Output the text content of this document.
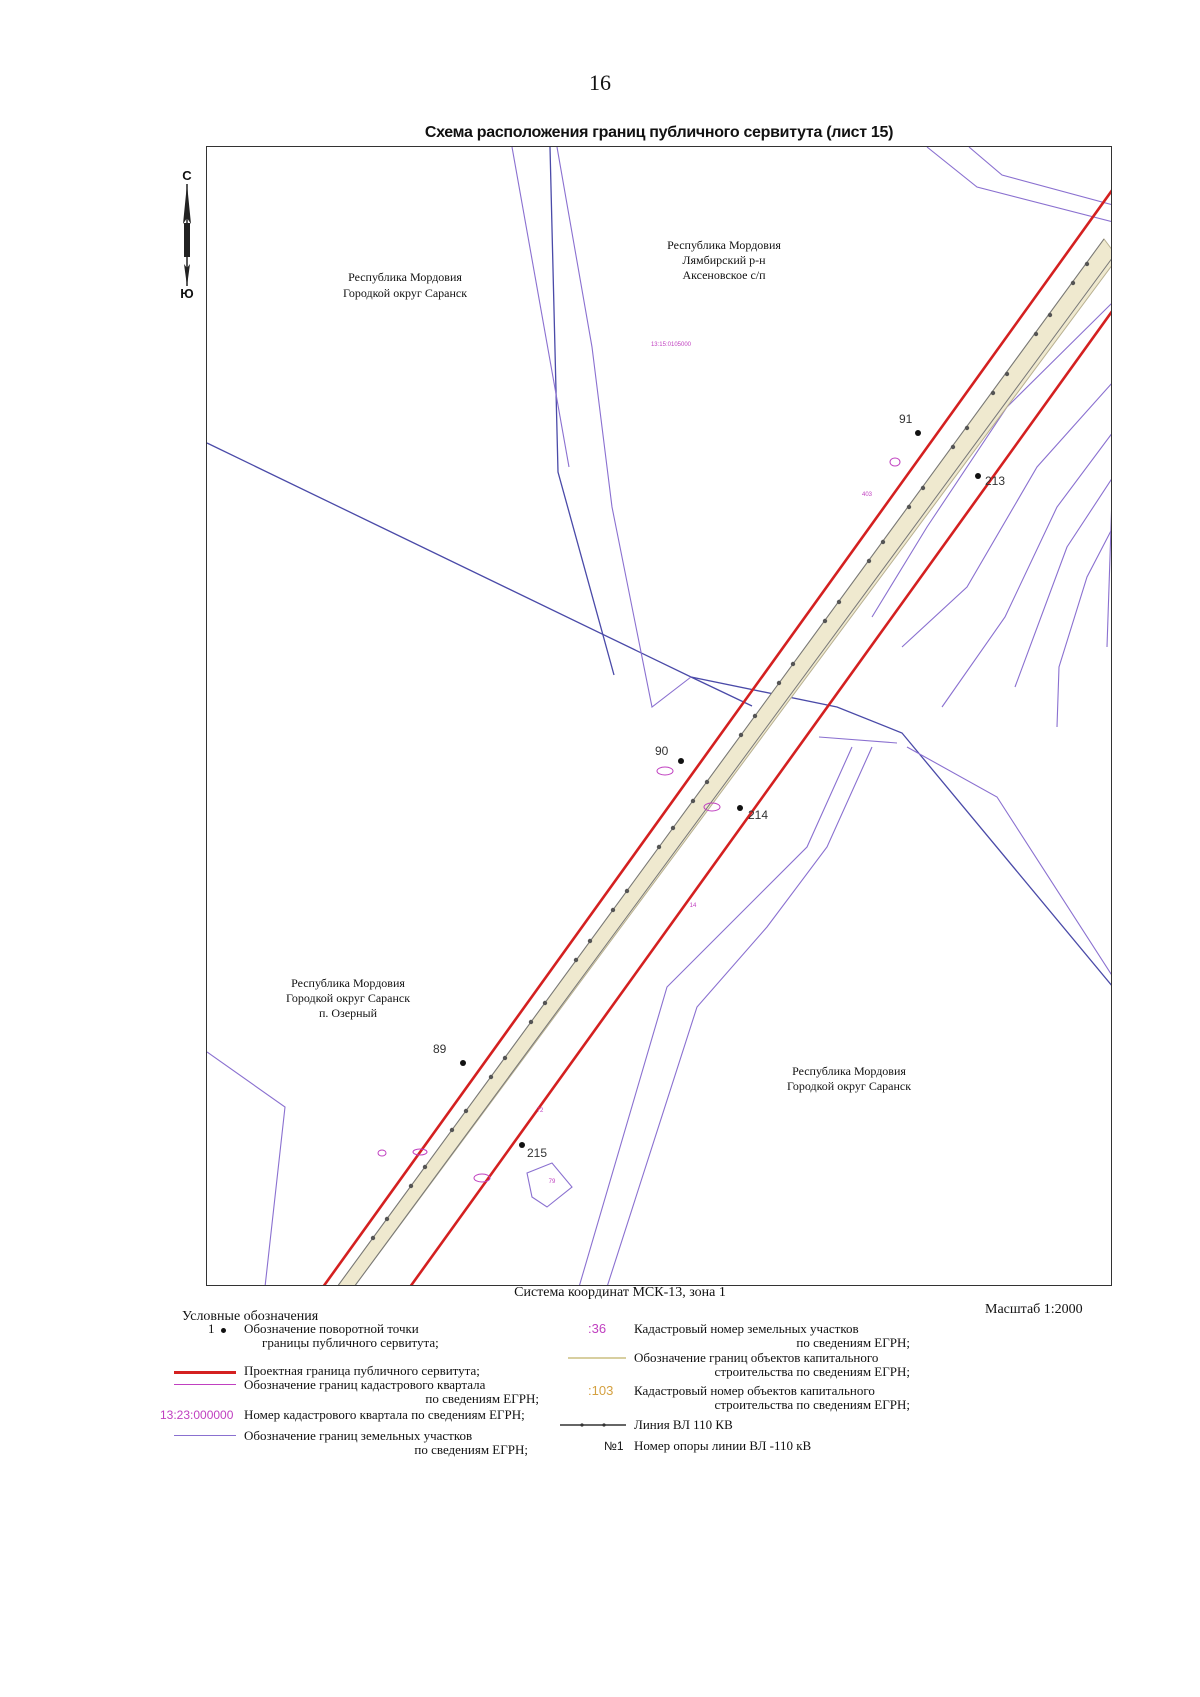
16
Схема расположения границ публичного сервитута (лист 15)
С
Ю
Республика Мордовия
Городкой округ Саранск
Республика Мордовия
Лямбирский р-н
Аксеновское с/п
Республика Мордовия
Городкой округ Саранск
п. Озерный
Республика Мордовия
Городкой округ Саранск
13:15:0105000
403
14
72
79
91
213
90
214
89
215
Система координат МСК-13, зона 1
Масштаб 1:2000
Условные обозначения
1	Обозначение поворотной точки
границы публичного сервитута;
Проектная граница публичного сервитута;
Обозначение границ кадастрового квартала
по сведениям ЕГРН;
13:23:000000 Номер кадастрового квартала по сведениям ЕГРН;
Обозначение границ земельных участков
по сведениям ЕГРН;
:36 Кадастровый номер земельных участков
по сведениям ЕГРН;
Обозначение границ объектов капитального
строительства по сведениям ЕГРН;
:103 Кадастровый номер объектов капитального
строительства по сведениям ЕГРН;
Линия ВЛ 110 КВ
№1 Номер опоры линии ВЛ -110 кВ
